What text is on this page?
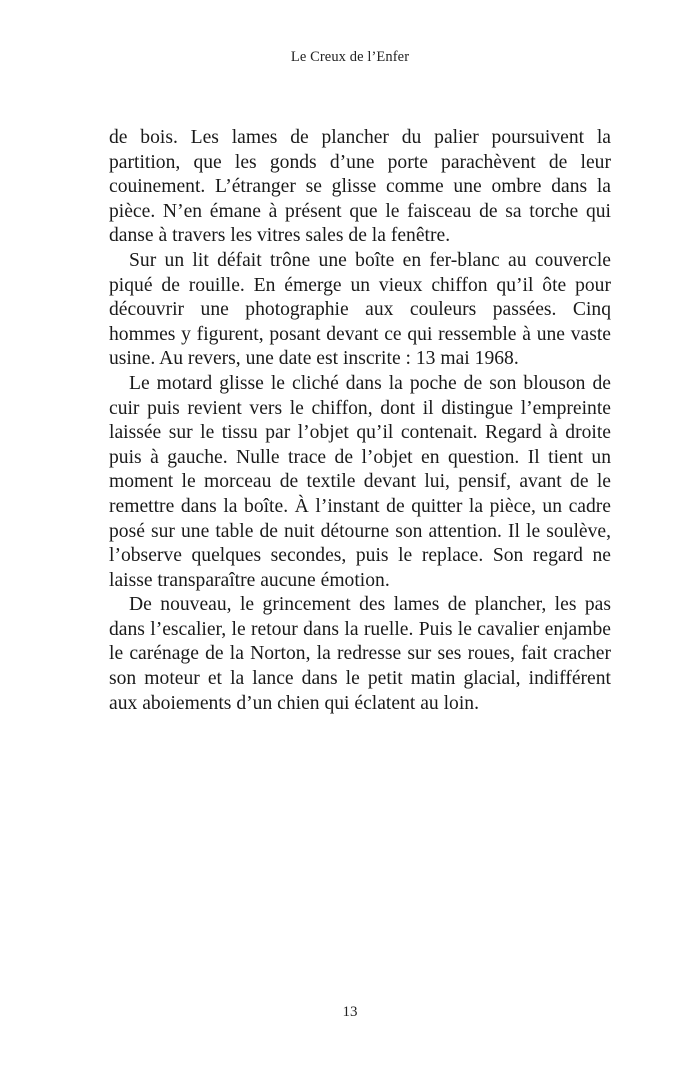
Le Creux de l’Enfer

de bois. Les lames de plancher du palier poursuivent la partition, que les gonds d’une porte parachèvent de leur couinement. L’étranger se glisse comme une ombre dans la pièce. N’en émane à présent que le faisceau de sa torche qui danse à travers les vitres sales de la fenêtre.

Sur un lit défait trône une boîte en fer-blanc au couvercle piqué de rouille. En émerge un vieux chiffon qu’il ôte pour découvrir une photographie aux couleurs passées. Cinq hommes y figurent, posant devant ce qui ressemble à une vaste usine. Au revers, une date est inscrite : 13 mai 1968.

Le motard glisse le cliché dans la poche de son blouson de cuir puis revient vers le chiffon, dont il distingue l’empreinte laissée sur le tissu par l’objet qu’il contenait. Regard à droite puis à gauche. Nulle trace de l’objet en question. Il tient un moment le morceau de textile devant lui, pensif, avant de le remettre dans la boîte. À l’instant de quitter la pièce, un cadre posé sur une table de nuit détourne son attention. Il le soulève, l’observe quelques secondes, puis le replace. Son regard ne laisse transparaître aucune émotion.

De nouveau, le grincement des lames de plancher, les pas dans l’escalier, le retour dans la ruelle. Puis le cavalier enjambe le carénage de la Norton, la redresse sur ses roues, fait cracher son moteur et la lance dans le petit matin glacial, indifférent aux aboiements d’un chien qui éclatent au loin.

13
